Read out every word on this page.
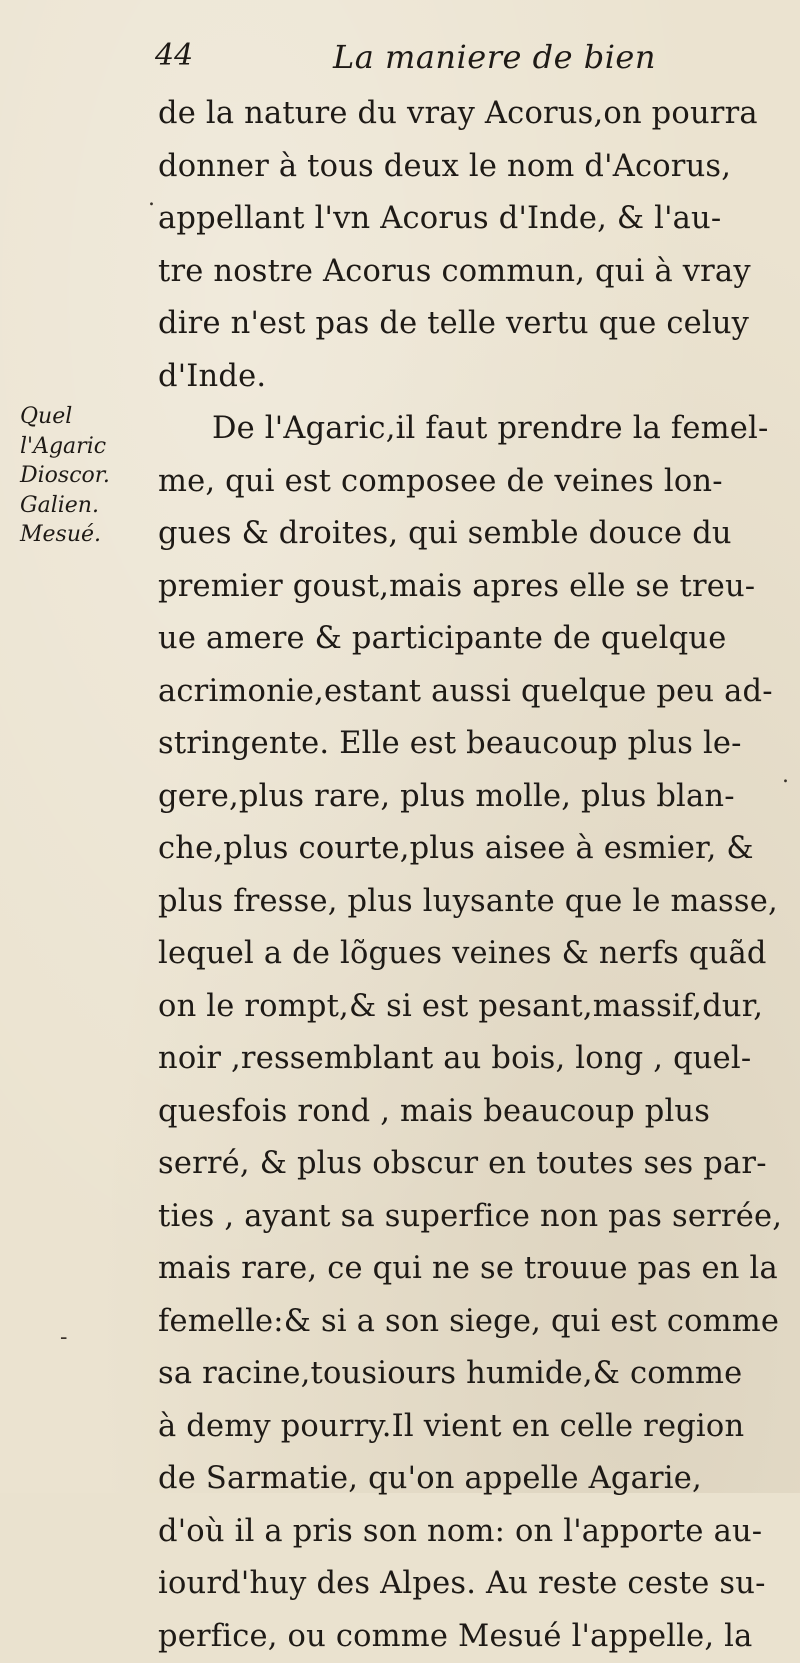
44	La maniere de bien
Quel
l'Agaric
Dioscor.
Galien.
Mesué.
.
.
-
de la nature du vray Acorus,on pourra
donner à tous deux le nom d'Acorus,
appellant l'vn Acorus d'Inde, & l'au-
tre nostre Acorus commun, qui à vray
dire n'est pas de telle vertu que celuy
d'Inde.
De l'Agaric,il faut prendre la femel-
me, qui est composee de veines lon-
gues & droites, qui semble douce du
premier goust,mais apres elle se treu-
ue amere & participante de quelque
acrimonie,estant aussi quelque peu ad-
stringente. Elle est beaucoup plus le-
gere,plus rare, plus molle, plus blan-
che,plus courte,plus aisee à esmier, &
plus fresse, plus luysante que le masse,
lequel a de lõgues veines & nerfs quãd
on le rompt,& si est pesant,massif,dur,
noir ,ressemblant au bois, long , quel-
quesfois rond , mais beaucoup plus
serré, & plus obscur en toutes ses par-
ties , ayant sa superfice non pas serrée,
mais rare, ce qui ne se trouue pas en la
femelle:& si a son siege, qui est comme
sa racine,tousiours humide,& comme
à demy pourry.Il vient en celle region
de Sarmatie, qu'on appelle Agarie,
d'où il a pris son nom: on l'apporte au-
iourd'huy des Alpes. Au reste ceste su-
perfice, ou comme Mesué l'appelle, la
